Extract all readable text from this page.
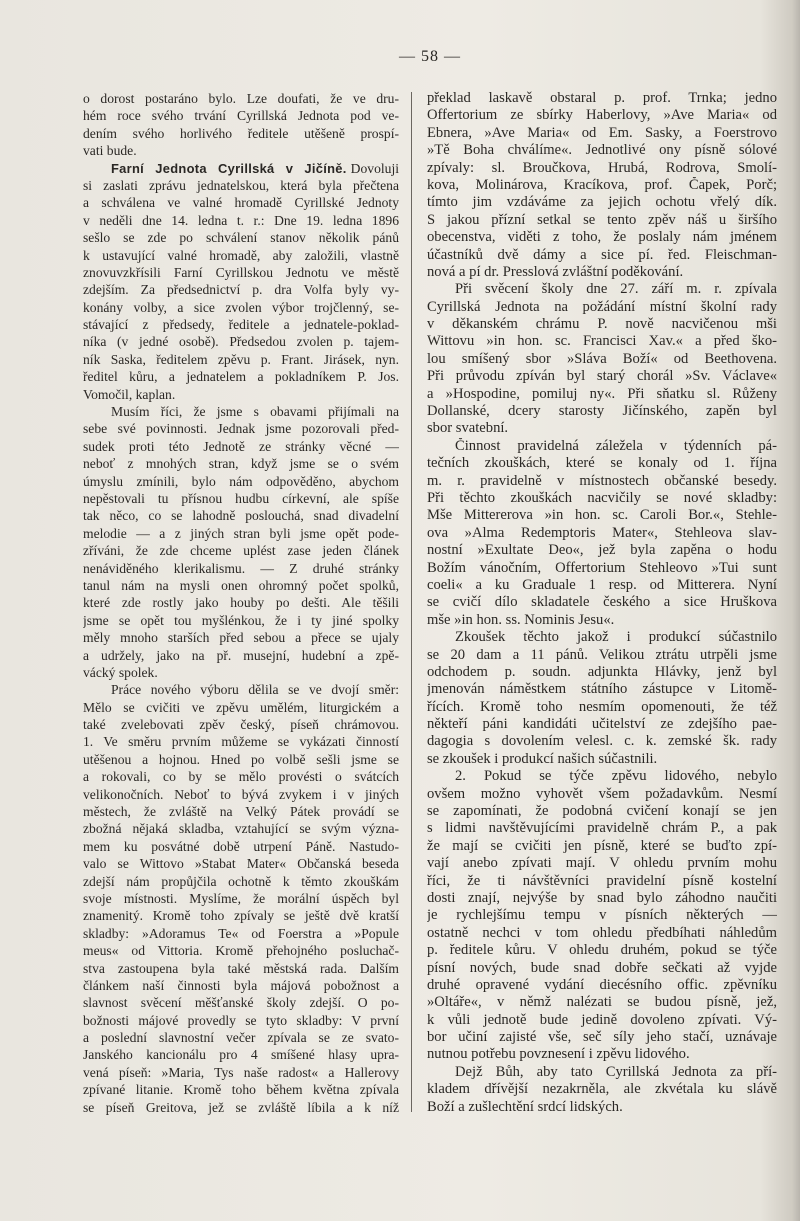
— 58 —
o dorost postaráno bylo. Lze doufati, že ve dru-
hém roce svého trvání Cyrillská Jednota pod ve-
dením svého horlivého ředitele utěšeně prospí-
vati bude.
Farní Jednota Cyrillská v Jičíně. Dovoluji
si zaslati zprávu jednatelskou, která byla přečtena
a schválena ve valné hromadě Cyrillské Jednoty
v neděli dne 14. ledna t. r.: Dne 19. ledna 1896
sešlo se zde po schválení stanov několik pánů
k ustavující valné hromadě, aby založili, vlastně
znovuvzkřísili Farní Cyrillskou Jednotu ve městě
zdejším. Za předsednictví p. dra Volfa byly vy-
konány volby, a sice zvolen výbor trojčlenný, se-
stávající z předsedy, ředitele a jednatele-poklad-
níka (v jedné osobě). Předsedou zvolen p. tajem-
ník Saska, ředitelem zpěvu p. Frant. Jirásek, nyn.
ředitel kůru, a jednatelem a pokladníkem P. Jos.
Vomočil, kaplan.
Musím říci, že jsme s obavami přijímali na
sebe své povinnosti. Jednak jsme pozorovali před-
sudek proti této Jednotě ze stránky věcné —
neboť z mnohých stran, když jsme se o svém
úmyslu zmínili, bylo nám odpověděno, abychom
nepěstovali tu přísnou hudbu církevní, ale spíše
tak něco, co se lahodně poslouchá, snad divadelní
melodie — a z jiných stran byli jsme opět pode-
zříváni, že zde chceme uplést zase jeden článek
nenáviděného klerikalismu. — Z druhé stránky
tanul nám na mysli onen ohromný počet spolků,
které zde rostly jako houby po dešti. Ale těšili
jsme se opět tou myšlénkou, že i ty jiné spolky
měly mnoho starších před sebou a přece se ujaly
a udržely, jako na př. musejní, hudební a zpě-
vácký spolek.
Práce nového výboru dělila se ve dvojí směr:
Mělo se cvičiti ve zpěvu umělém, liturgickém a
také zvelebovati zpěv český, píseň chrámovou.
1. Ve směru prvním můžeme se vykázati činností
utěšenou a hojnou. Hned po volbě sešli jsme se
a rokovali, co by se mělo provésti o svátcích
velikonočních. Neboť to bývá zvykem i v jiných
městech, že zvláště na Velký Pátek provádí se
zbožná nějaká skladba, vztahující se svým význa-
mem ku posvátné době utrpení Páně. Nastudo-
valo se Wittovo »Stabat Mater« Občanská beseda
zdejší nám propůjčila ochotně k těmto zkouškám
svoje místnosti. Myslíme, že morální úspěch byl
znamenitý. Kromě toho zpívaly se ještě dvě kratší
skladby: »Adoramus Te« od Foerstra a »Popule
meus« od Vittoria. Kromě přehojného posluchač-
stva zastoupena byla také městská rada. Dalším
článkem naší činnosti byla májová pobožnost a
slavnost svěcení měšťanské školy zdejší. O po-
božnosti májové provedly se tyto skladby: V první
a poslední slavnostní večer zpívala se ze svato-
Janského kancionálu pro 4 smíšené hlasy upra-
vená píseň: »Maria, Tys naše radost« a Hallerovy
zpívané litanie. Kromě toho během května zpívala
se píseň Greitova, jež se zvláště líbila a k níž
překlad laskavě obstaral p. prof. Trnka; jedno
Offertorium ze sbírky Haberlovy, »Ave Maria« od
Ebnera, »Ave Maria« od Em. Sasky, a Foerstrovo
»Tě Boha chválíme«. Jednotlivé ony písně sólové
zpívaly: sl. Broučkova, Hrubá, Rodrova, Smolí-
kova, Molinárova, Kracíkova, prof. Čapek, Porč;
tímto jim vzdáváme za jejich ochotu vřelý dík.
S jakou přízní setkal se tento zpěv náš u širšího
obecenstva, viděti z toho, že poslaly nám jménem
účastníků dvě dámy a sice pí. řed. Fleischman-
nová a pí dr. Presslová zvláštní poděkování.
Při svěcení školy dne 27. září m. r. zpívala
Cyrillská Jednota na požádání místní školní rady
v děkanském chrámu P. nově nacvičenou mši
Wittovu »in hon. sc. Francisci Xav.« a před ško-
lou smíšený sbor »Sláva Boží« od Beethovena.
Při průvodu zpíván byl starý chorál »Sv. Václave«
a »Hospodine, pomiluj ny«. Při sňatku sl. Růženy
Dollanské, dcery starosty Jičínského, zapěn byl
sbor svatební.
Činnost pravidelná záležela v týdenních pá-
tečních zkouškách, které se konaly od 1. října
m. r. pravidelně v místnostech občanské besedy.
Při těchto zkouškách nacvičily se nové skladby:
Mše Mittererova »in hon. sc. Caroli Bor.«, Stehle-
ova »Alma Redemptoris Mater«, Stehleova slav-
nostní »Exultate Deo«, jež byla zapěna o hodu
Božím vánočním, Offertorium Stehleovo »Tui sunt
coeli« a ku Graduale 1 resp. od Mitterera. Nyní
se cvičí dílo skladatele českého a sice Hruškova
mše »in hon. ss. Nominis Jesu«.
Zkoušek těchto jakož i produkcí súčastnilo
se 20 dam a 11 pánů. Velikou ztrátu utrpěli jsme
odchodem p. soudn. adjunkta Hlávky, jenž byl
jmenován náměstkem státního zástupce v Litomě-
řících. Kromě toho nesmím opomenouti, že též
někteří páni kandidáti učitelství ze zdejšího pae-
dagogia s dovolením velesl. c. k. zemské šk. rady
se zkoušek i produkcí našich súčastnili.
2. Pokud se týče zpěvu lidového, nebylo
ovšem možno vyhovět všem požadavkům. Nesmí
se zapomínati, že podobná cvičení konají se jen
s lidmi navštěvujícími pravidelně chrám P., a pak
že mají se cvičiti jen písně, které se buďto zpí-
vají anebo zpívati mají. V ohledu prvním mohu
říci, že ti návštěvníci pravidelní písně kostelní
dosti znají, nejvýše by snad bylo záhodno naučiti
je rychlejšímu tempu v písních některých —
ostatně nechci v tom ohledu předbíhati náhledům
p. ředitele kůru. V ohledu druhém, pokud se týče
písní nových, bude snad dobře sečkati až vyjde
druhé opravené vydání diecésního offic. zpěvníku
»Oltáře«, v němž nalézati se budou písně, jež,
k vůli jednotě bude jedině dovoleno zpívati. Vý-
bor učiní zajisté vše, seč síly jeho stačí, uznávaje
nutnou potřebu povznesení i zpěvu lidového.
Dejž Bůh, aby tato Cyrillská Jednota za pří-
kladem dřívější nezakrněla, ale zkvétala ku slávě
Boží a zušlechtění srdcí lidských.
